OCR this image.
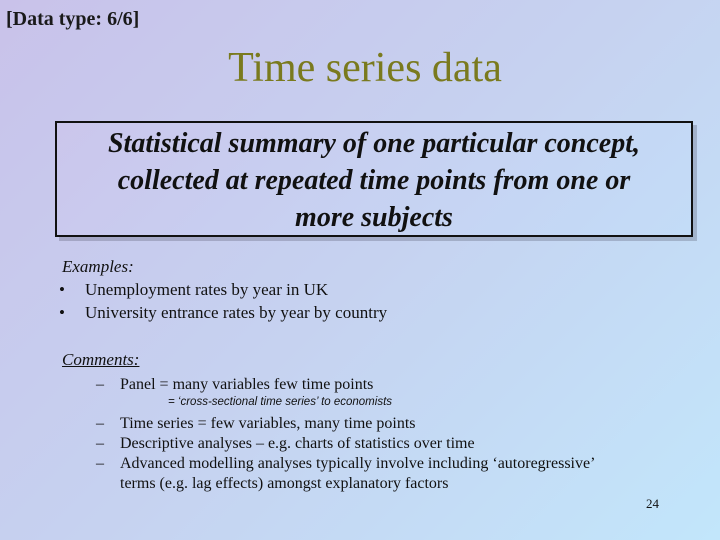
[Data type: 6/6]
Time series data
Statistical summary of one particular concept,
collected at repeated time points from one or
more subjects
Examples:
• Unemployment rates by year in UK
• University entrance rates by year by country
Comments:
– Panel = many variables few time points
= ‘cross-sectional time series’ to economists
– Time series = few variables, many time points
– Descriptive analyses – e.g. charts of statistics over time
– Advanced modelling analyses typically involve including ‘autoregressive’
terms (e.g. lag effects) amongst explanatory factors
24
